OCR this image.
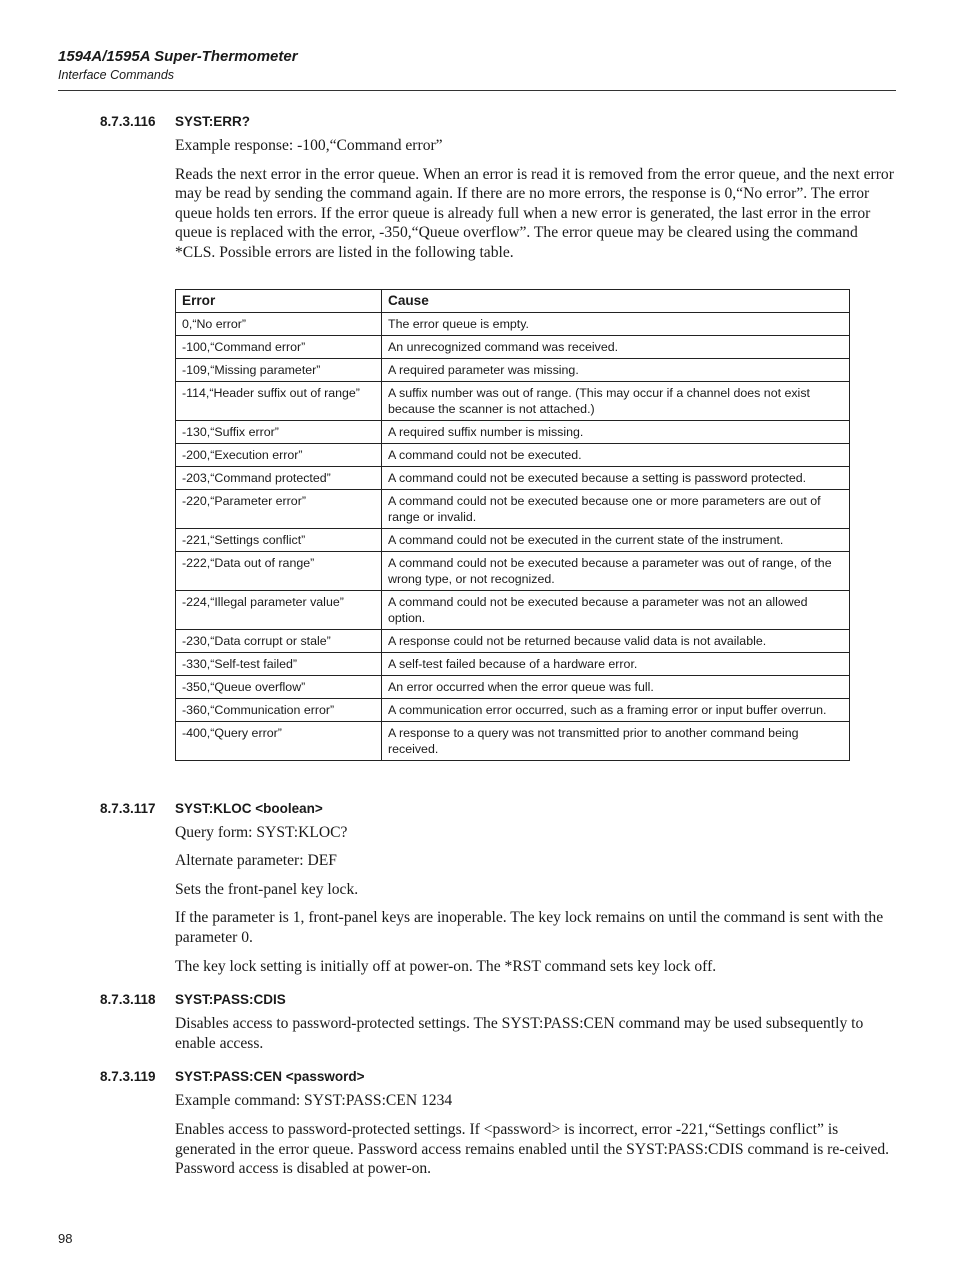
1594A/1595A Super-Thermometer
Interface Commands
8.7.3.116 SYST:ERR?

Example response: -100,“Command error”

Reads the next error in the error queue. When an error is read it is removed from the error queue, and the next error may be read by sending the command again. If there are no more errors, the response is 0,“No error”. The error queue holds ten errors. If the error queue is already full when a new error is generated, the last error in the error queue is replaced with the error, -350,“Queue overflow”. The error queue may be cleared using the command *CLS. Possible errors are listed in the following table.

Error	Cause
0,“No error”	The error queue is empty.
-100,“Command error”	An unrecognized command was received.
-109,“Missing parameter”	A required parameter was missing.
-114,“Header suffix out of range”	A suffix number was out of range. (This may occur if a channel does not exist because the scanner is not attached.)
-130,“Suffix error”	A required suffix number is missing.
-200,“Execution error”	A command could not be executed.
-203,“Command protected”	A command could not be executed because a setting is password protected.
-220,“Parameter error”	A command could not be executed because one or more parameters are out of range or invalid.
-221,“Settings conflict”	A command could not be executed in the current state of the instrument.
-222,“Data out of range”	A command could not be executed because a parameter was out of range, of the wrong type, or not recognized.
-224,“Illegal parameter value”	A command could not be executed because a parameter was not an allowed option.
-230,“Data corrupt or stale”	A response could not be returned because valid data is not available.
-330,“Self-test failed”	A self-test failed because of a hardware error.
-350,“Queue overflow”	An error occurred when the error queue was full.
-360,“Communication error”	A communication error occurred, such as a framing error or input buffer overrun.
-400,“Query error”	A response to a query was not transmitted prior to another command being received.
8.7.3.117 SYST:KLOC <boolean>

Query form: SYST:KLOC?

Alternate parameter: DEF

Sets the front-panel key lock.

If the parameter is 1, front-panel keys are inoperable. The key lock remains on until the command is sent with the parameter 0.

The key lock setting is initially off at power-on. The *RST command sets key lock off.

8.7.3.118 SYST:PASS:CDIS

Disables access to password-protected settings. The SYST:PASS:CEN command may be used subsequently to enable access.

8.7.3.119 SYST:PASS:CEN <password>

Example command: SYST:PASS:CEN 1234

Enables access to password-protected settings. If <password> is incorrect, error -221,“Settings conflict” is generated in the error queue. Password access remains enabled until the SYST:PASS:CDIS command is re-ceived. Password access is disabled at power-on.

98
